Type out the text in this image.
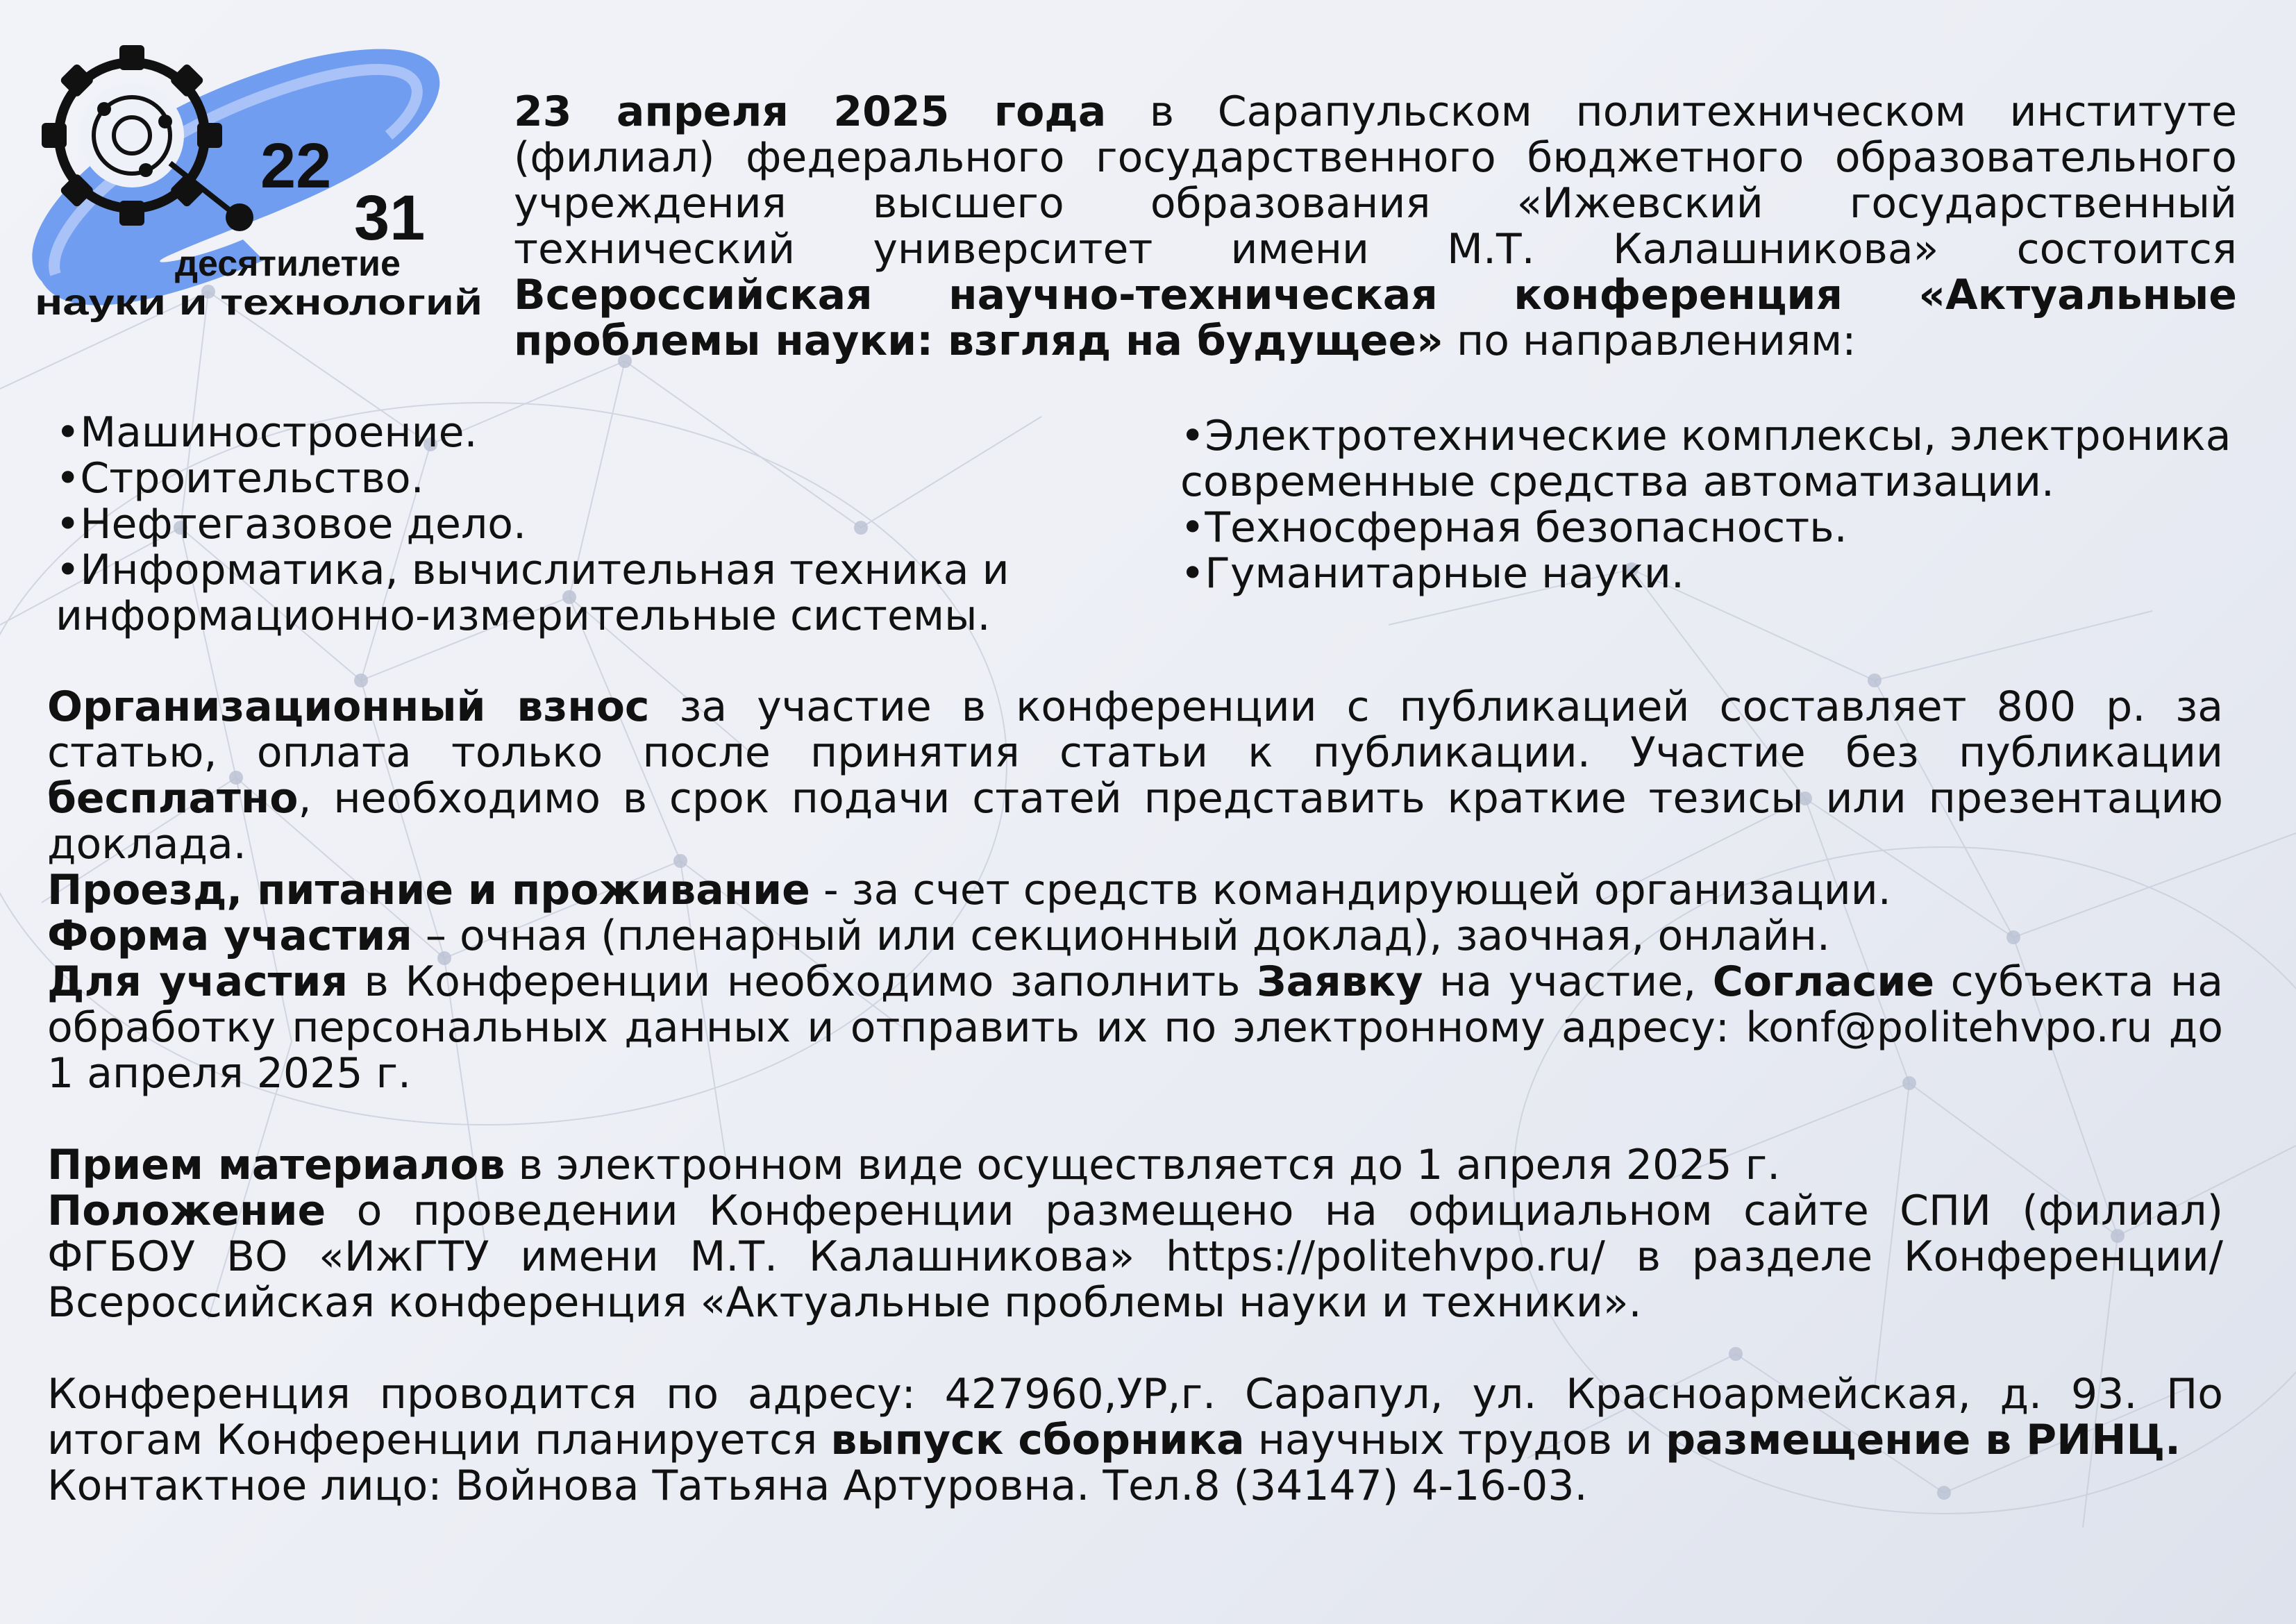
22
31
десятилетие
науки и технологий

23 апреля 2025 года в Сарапульском политехническом институте (филиал) федерального государственного бюджетного образовательного учреждения высшего образования «Ижевский государственный технический университет имени М.Т. Калашникова» состоится Всероссийская научно-техническая конференция «Актуальные проблемы науки: взгляд на будущее» по направлениям:

•Машиностроение.
•Строительство.
•Нефтегазовое дело.
•Информатика, вычислительная техника и информационно-измерительные системы.
•Электротехнические комплексы, электроника современные средства автоматизации.
•Техносферная безопасность.
•Гуманитарные науки.

Организационный взнос за участие в конференции с публикацией составляет 800 р. за статью, оплата только после принятия статьи к публикации. Участие без публикации бесплатно, необходимо в срок подачи статей представить краткие тезисы или презентацию доклада.

Проезд, питание и проживание - за счет средств командирующей организации.

Форма участия – очная (пленарный или секционный доклад), заочная, онлайн.

Для участия в Конференции необходимо заполнить Заявку на участие, Согласие субъекта на обработку персональных данных и отправить их по электронному адресу: konf@politehvpo.ru до 1 апреля 2025 г.

Прием материалов в электронном виде осуществляется до 1 апреля 2025 г.

Положение о проведении Конференции размещено на официальном сайте СПИ (филиал) ФГБОУ ВО «ИжГТУ имени М.Т. Калашникова» https://politehvpo.ru/ в разделе Конференции/ Всероссийская конференция «Актуальные проблемы науки и техники».

Конференция проводится по адресу: 427960,УР,г. Сарапул, ул. Красноармейская, д. 93. По итогам Конференции планируется выпуск сборника научных трудов и размещение в РИНЦ.

Контактное лицо: Войнова Татьяна Артуровна. Тел.8 (34147) 4-16-03.
